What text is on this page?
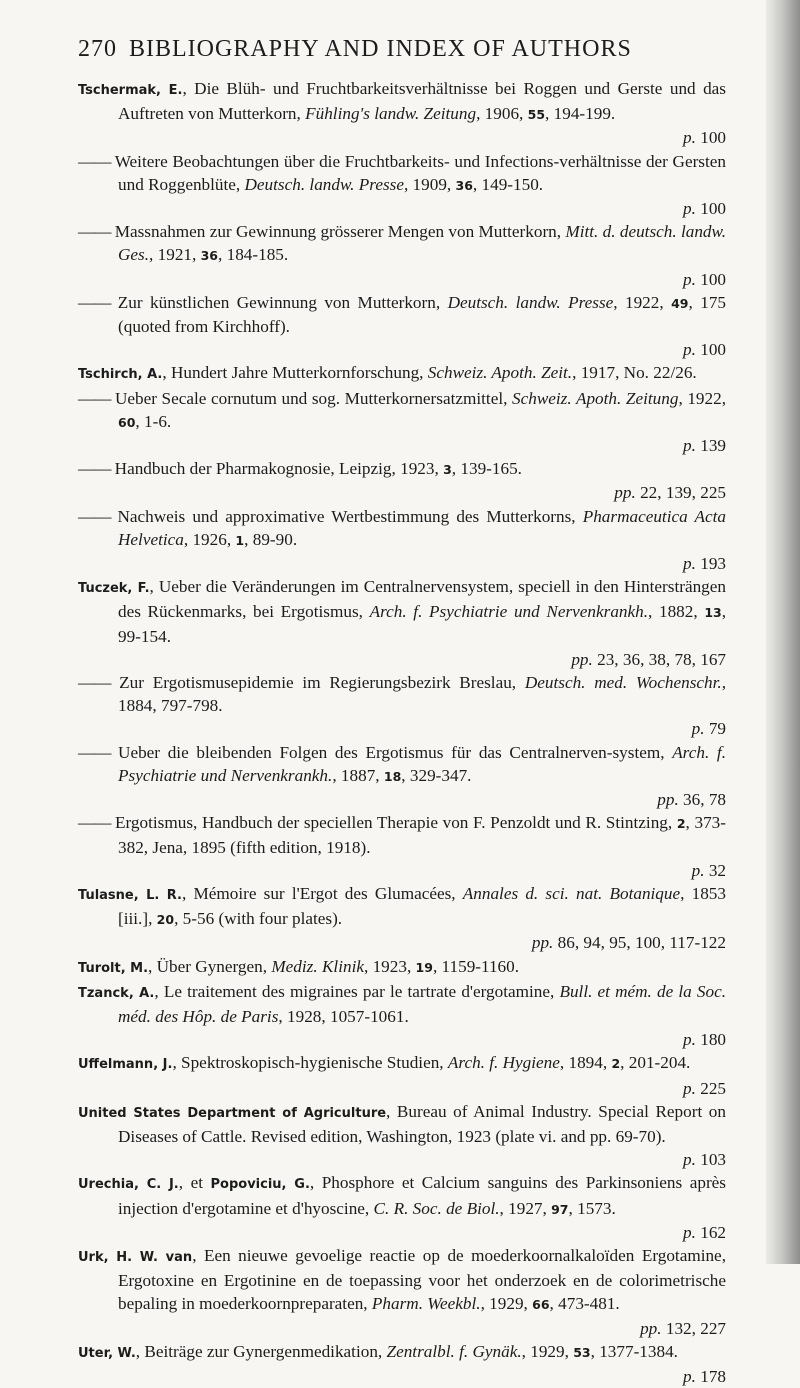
270 BIBLIOGRAPHY AND INDEX OF AUTHORS

Tschermak, E., Die Blüh- und Fruchtbarkeitsverhältnisse bei Roggen und Gerste und das Auftreten von Mutterkorn, Fühling's landw. Zeitung, 1906, 55, 194-199.
p. 100

—— Weitere Beobachtungen über die Fruchtbarkeits- und Infections-verhältnisse der Gersten und Roggenblüte, Deutsch. landw. Presse, 1909, 36, 149-150.
p. 100

—— Massnahmen zur Gewinnung grösserer Mengen von Mutterkorn, Mitt. d. deutsch. landw. Ges., 1921, 36, 184-185.
p. 100

—— Zur künstlichen Gewinnung von Mutterkorn, Deutsch. landw. Presse, 1922, 49, 175 (quoted from Kirchhoff).
p. 100

Tschirch, A., Hundert Jahre Mutterkornforschung, Schweiz. Apoth. Zeit., 1917, No. 22/26.

—— Ueber Secale cornutum und sog. Mutterkornersatzmittel, Schweiz. Apoth. Zeitung, 1922, 60, 1-6.
p. 139

—— Handbuch der Pharmakognosie, Leipzig, 1923, 3, 139-165.
pp. 22, 139, 225

—— Nachweis und approximative Wertbestimmung des Mutterkorns, Pharmaceutica Acta Helvetica, 1926, 1, 89-90.
p. 193

Tuczek, F., Ueber die Veränderungen im Centralnervensystem, speciell in den Hintersträngen des Rückenmarks, bei Ergotismus, Arch. f. Psychiatrie und Nervenkrankh., 1882, 13, 99-154.
pp. 23, 36, 38, 78, 167

—— Zur Ergotismusepidemie im Regierungsbezirk Breslau, Deutsch. med. Wochenschr., 1884, 797-798.
p. 79

—— Ueber die bleibenden Folgen des Ergotismus für das Centralnerven-system, Arch. f. Psychiatrie und Nervenkrankh., 1887, 18, 329-347.
pp. 36, 78

—— Ergotismus, Handbuch der speciellen Therapie von F. Penzoldt und R. Stintzing, 2, 373-382, Jena, 1895 (fifth edition, 1918).
p. 32

Tulasne, L. R., Mémoire sur l'Ergot des Glumacées, Annales d. sci. nat. Botanique, 1853 [iii.], 20, 5-56 (with four plates).
pp. 86, 94, 95, 100, 117-122

Turolt, M., Über Gynergen, Mediz. Klinik, 1923, 19, 1159-1160.

Tzanck, A., Le traitement des migraines par le tartrate d'ergotamine, Bull. et mém. de la Soc. méd. des Hôp. de Paris, 1928, 1057-1061.
p. 180

Uffelmann, J., Spektroskopisch-hygienische Studien, Arch. f. Hygiene, 1894, 2, 201-204.
p. 225

United States Department of Agriculture, Bureau of Animal Industry. Special Report on Diseases of Cattle. Revised edition, Washington, 1923 (plate vi. and pp. 69-70).
p. 103

Urechia, C. J., et Popoviciu, G., Phosphore et Calcium sanguins des Parkinsoniens après injection d'ergotamine et d'hyoscine, C. R. Soc. de Biol., 1927, 97, 1573.
p. 162

Urk, H. W. van, Een nieuwe gevoelige reactie op de moederkoornalkaloïden Ergotamine, Ergotoxine en Ergotinine en de toepassing voor het onderzoek en de colorimetrische bepaling in moederkoornpreparaten, Pharm. Weekbl., 1929, 66, 473-481.
pp. 132, 227

Uter, W., Beiträge zur Gynergenmedikation, Zentralbl. f. Gynäk., 1929, 53, 1377-1384.
p. 178
